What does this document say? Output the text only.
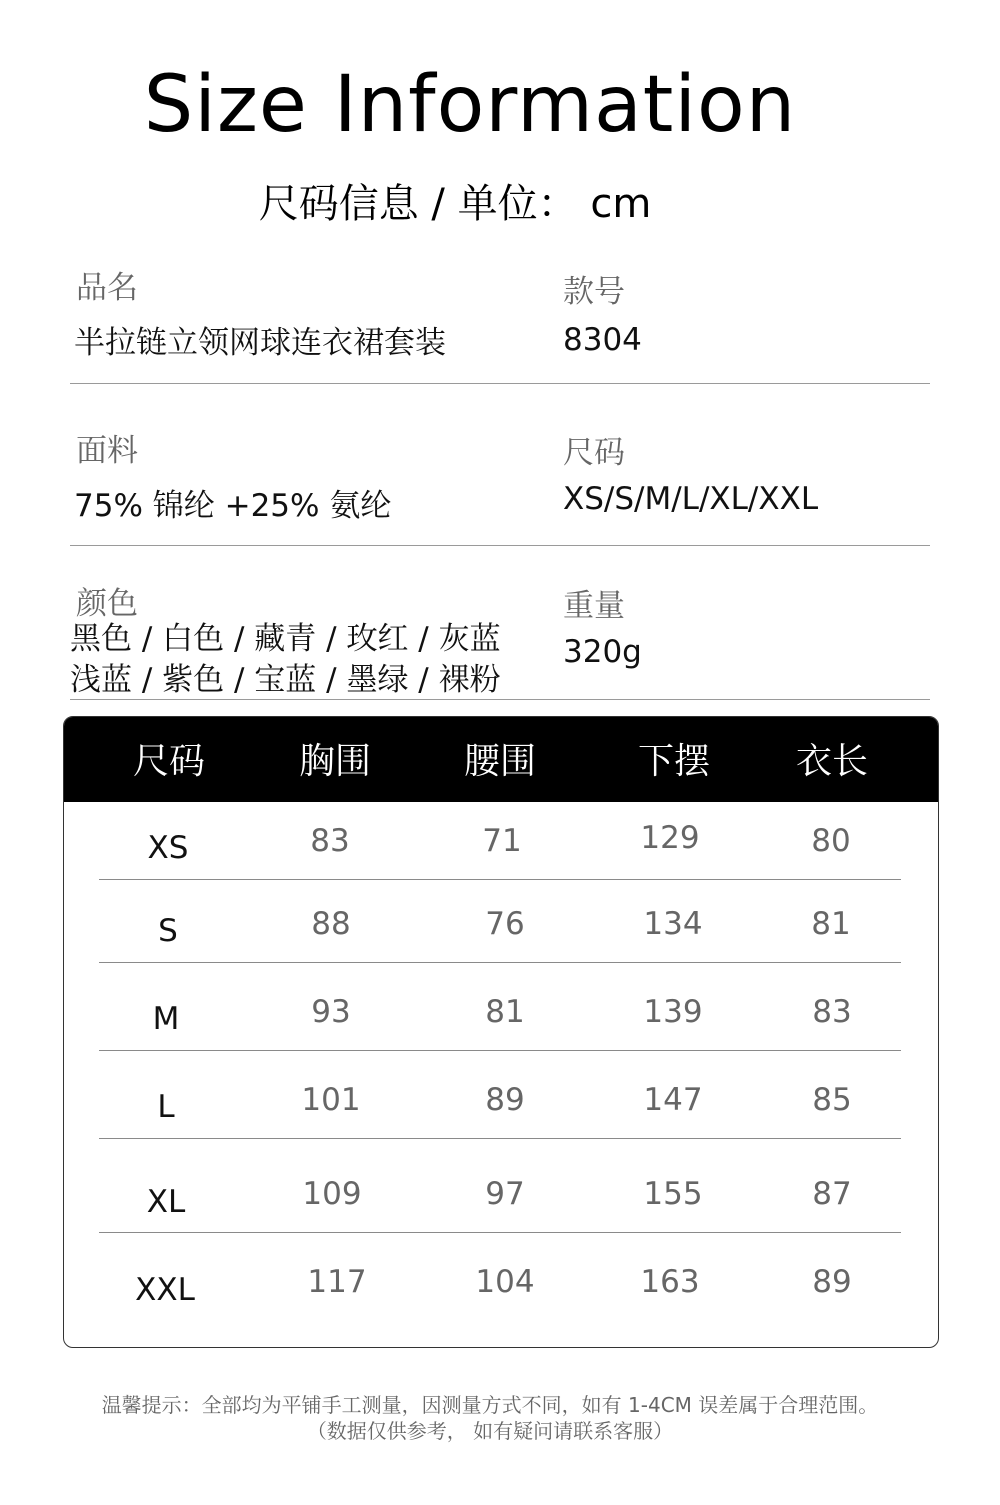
Size Information
尺码信息 / 单位： cm
品名
半拉链立领网球连衣裙套装
款号
8304
面料
75% 锦纶 +25% 氨纶
尺码
XS/S/M/L/XL/XXL
颜色
黑色 / 白色 / 藏青 / 玫红 / 灰蓝
浅蓝 / 紫色 / 宝蓝 / 墨绿 / 裸粉
重量
320g
尺码	胸围	腰围	下摆	衣长
XS	83	71	129	80
S	88	76	134	81
M	93	81	139	83
L	101	89	147	85
XL	109	97	155	87
XXL	117	104	163	89
温馨提示：全部均为平铺手工测量，因测量方式不同，如有 1-4CM 误差属于合理范围。
（数据仅供参考， 如有疑问请联系客服）
